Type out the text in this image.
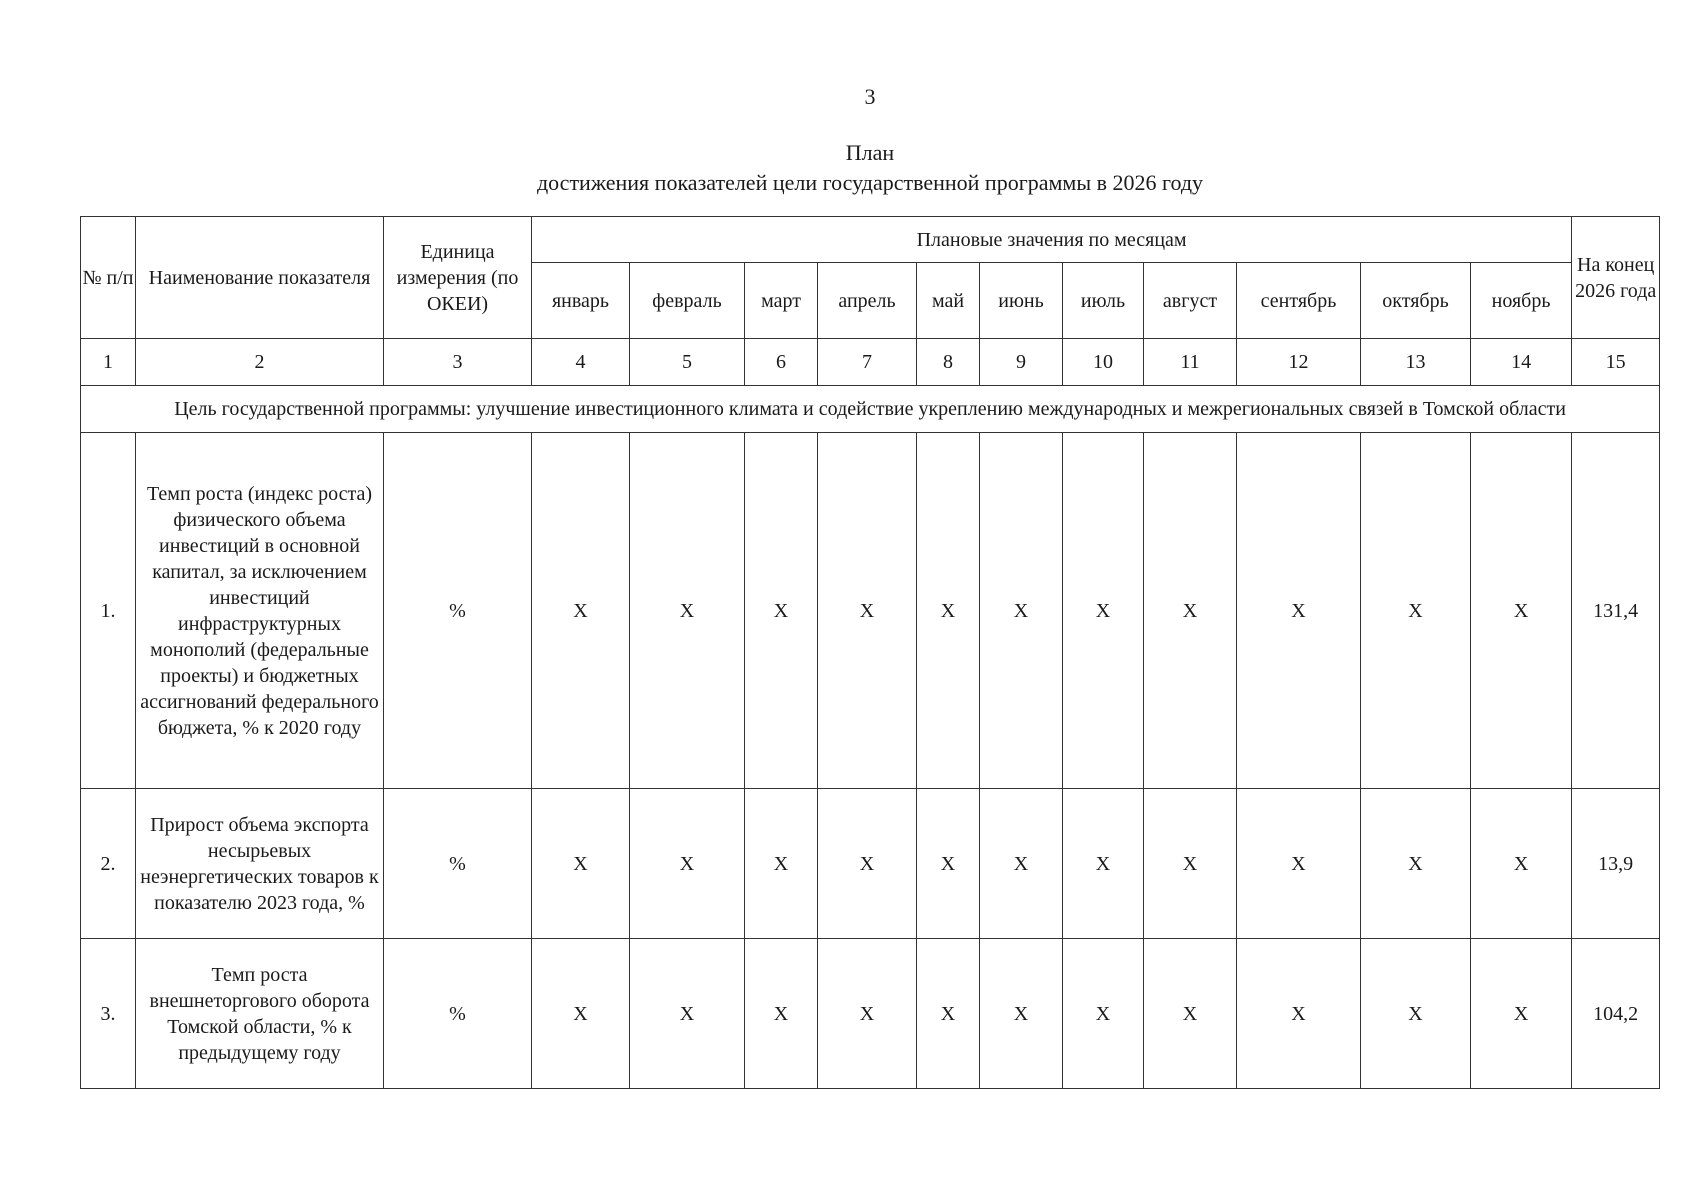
3
План
достижения показателей цели государственной программы в 2026 году
№ п/п	Наименование показателя	Единица измерения (по ОКЕИ)	Плановые значения по месяцам											На конец 2026 года
			январь	февраль	март	апрель	май	июнь	июль	август	сентябрь	октябрь	ноябрь	
1	2	3	4	5	6	7	8	9	10	11	12	13	14	15
Цель государственной программы: улучшение инвестиционного климата и содействие укреплению международных и межрегиональных связей в Томской области														
1.	Темп роста (индекс роста) физического объема инвестиций в основной капитал, за исключением инвестиций инфраструктурных монополий (федеральные проекты) и бюджетных ассигнований федерального бюджета, % к 2020 году	%	X	X	X	X	X	X	X	X	X	X	X	131,4
2.	Прирост объема экспорта несырьевых неэнергетических товаров к показателю 2023 года, %	%	X	X	X	X	X	X	X	X	X	X	X	13,9
3.	Темп роста внешнеторгового оборота Томской области, % к предыдущему году	%	X	X	X	X	X	X	X	X	X	X	X	104,2
